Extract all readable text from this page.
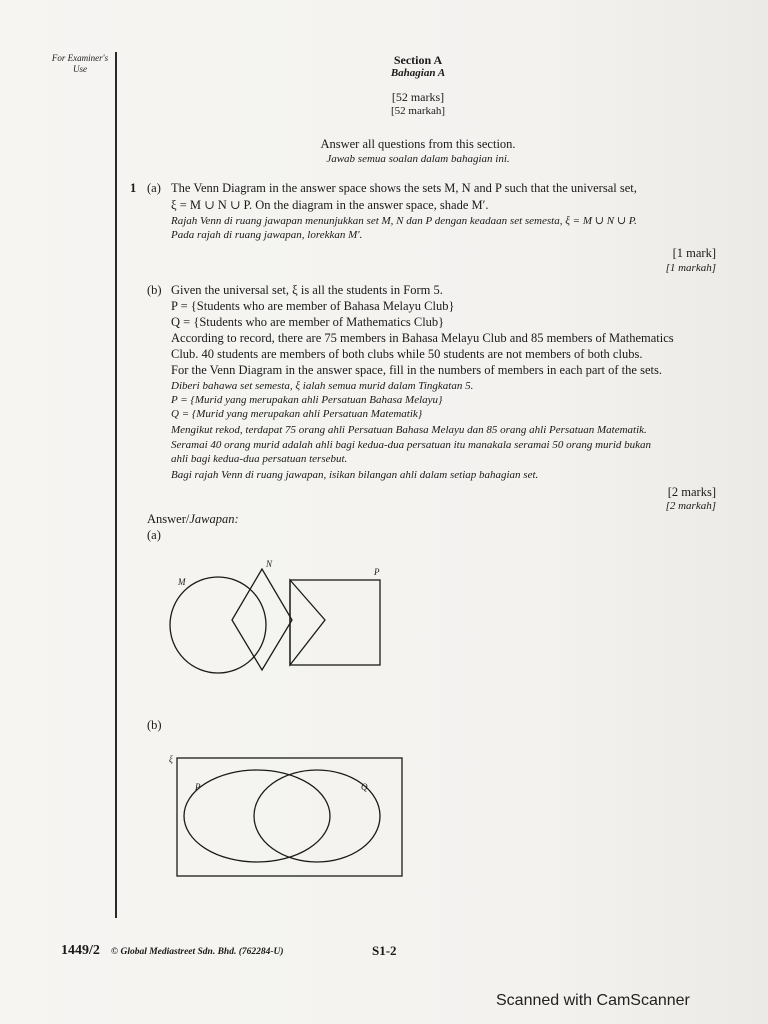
For Examiner's Use
Section A
Bahagian A
[52 marks]
[52 markah]
Answer all questions from this section.
Jawab semua soalan dalam bahagian ini.
1 (a) The Venn Diagram in the answer space shows the sets M, N and P such that the universal set,
ξ = M ∪ N ∪ P. On the diagram in the answer space, shade M′.
Rajah Venn di ruang jawapan menunjukkan set M, N dan P dengan keadaan set semesta, ξ = M ∪ N ∪ P.
Pada rajah di ruang jawapan, lorekkan M′.
[1 mark]
[1 markah]
(b) Given the universal set, ξ is all the students in Form 5.
P = {Students who are member of Bahasa Melayu Club}
Q = {Students who are member of Mathematics Club}
According to record, there are 75 members in Bahasa Melayu Club and 85 members of Mathematics
Club. 40 students are members of both clubs while 50 students are not members of both clubs.
For the Venn Diagram in the answer space, fill in the numbers of members in each part of the sets.
Diberi bahawa set semesta, ξ ialah semua murid dalam Tingkatan 5.
P = {Murid yang merupakan ahli Persatuan Bahasa Melayu}
Q = {Murid yang merupakan ahli Persatuan Matematik}
Mengikut rekod, terdapat 75 orang ahli Persatuan Bahasa Melayu dan 85 orang ahli Persatuan Matematik.
Seramai 40 orang murid adalah ahli bagi kedua-dua persatuan itu manakala seramai 50 orang murid bukan
ahli bagi kedua-dua persatuan tersebut.
Bagi rajah Venn di ruang jawapan, isikan bilangan ahli dalam setiap bahagian set.
[2 marks]
[2 markah]
Answer/Jawapan:
(a)
M
N
P
(b)
ξ
P	Q
1449/2 © Global Mediastreet Sdn. Bhd. (762284-U)	S1-2
Scanned with CamScanner
